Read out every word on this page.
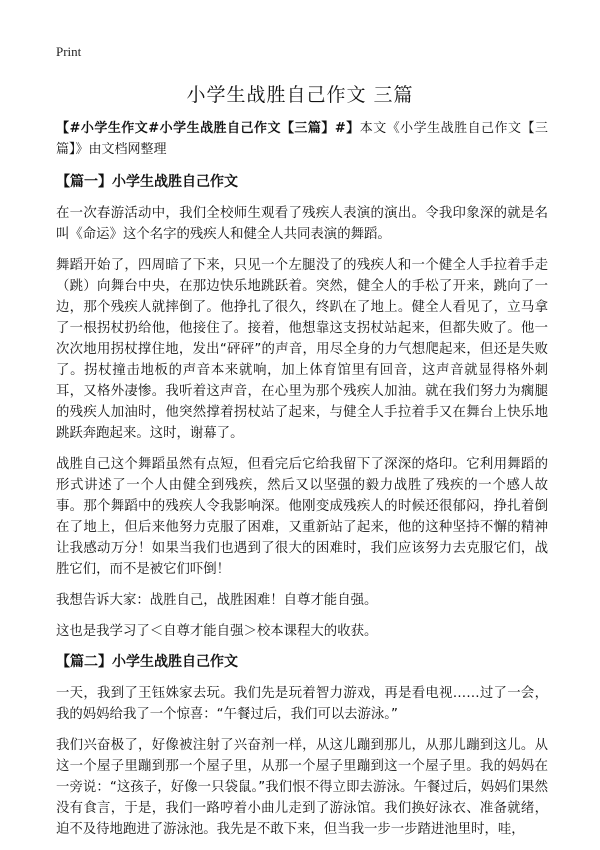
Print
小学生战胜自己作文 三篇

【#小学生作文#小学生战胜自己作文【三篇】#】本文《小学生战胜自己作文【三篇】》由文档网整理

【篇一】小学生战胜自己作文

在一次春游活动中，我们全校师生观看了残疾人表演的演出。令我印象深的就是名叫《命运》这个名字的残疾人和健全人共同表演的舞蹈。

舞蹈开始了，四周暗了下来，只见一个左腿没了的残疾人和一个健全人手拉着手走（跳）向舞台中央，在那边快乐地跳跃着。突然，健全人的手松了开来，跳向了一边，那个残疾人就摔倒了。他挣扎了很久，终趴在了地上。健全人看见了，立马拿了一根拐杖扔给他，他接住了。接着，他想靠这支拐杖站起来，但都失败了。他一次次地用拐杖撑住地，发出“砰砰”的声音，用尽全身的力气想爬起来，但还是失败了。拐杖撞击地板的声音本来就响，加上体育馆里有回音，这声音就显得格外刺耳，又格外凄惨。我听着这声音，在心里为那个残疾人加油。就在我们努力为瘸腿的残疾人加油时，他突然撑着拐杖站了起来，与健全人手拉着手又在舞台上快乐地跳跃奔跑起来。这时，谢幕了。

战胜自己这个舞蹈虽然有点短，但看完后它给我留下了深深的烙印。它利用舞蹈的形式讲述了一个人由健全到残疾，然后又以坚强的毅力战胜了残疾的一个感人故事。那个舞蹈中的残疾人令我影响深。他刚变成残疾人的时候还很郁闷，挣扎着倒在了地上，但后来他努力克服了困难，又重新站了起来，他的这种坚持不懈的精神让我感动万分！如果当我们也遇到了很大的困难时，我们应该努力去克服它们，战胜它们，而不是被它们吓倒！

我想告诉大家：战胜自己，战胜困难！自尊才能自强。

这也是我学习了＜自尊才能自强＞校本课程大的收获。

【篇二】小学生战胜自己作文

一天，我到了王钰姝家去玩。我们先是玩着智力游戏，再是看电视……过了一会，我的妈妈给我了一个惊喜：“午餐过后，我们可以去游泳。”

我们兴奋极了，好像被注射了兴奋剂一样，从这儿蹦到那儿，从那儿蹦到这儿。从这一个屋子里蹦到那一个屋子里，从那一个屋子里蹦到这一个屋子里。我的妈妈在一旁说：“这孩子，好像一只袋鼠。”我们恨不得立即去游泳。午餐过后，妈妈们果然没有食言，于是，我们一路哼着小曲儿走到了游泳馆。我们换好泳衣、准备就绪，迫不及待地跑进了游泳池。我先是不敢下来，但当我一步一步踏进池里时，哇，
